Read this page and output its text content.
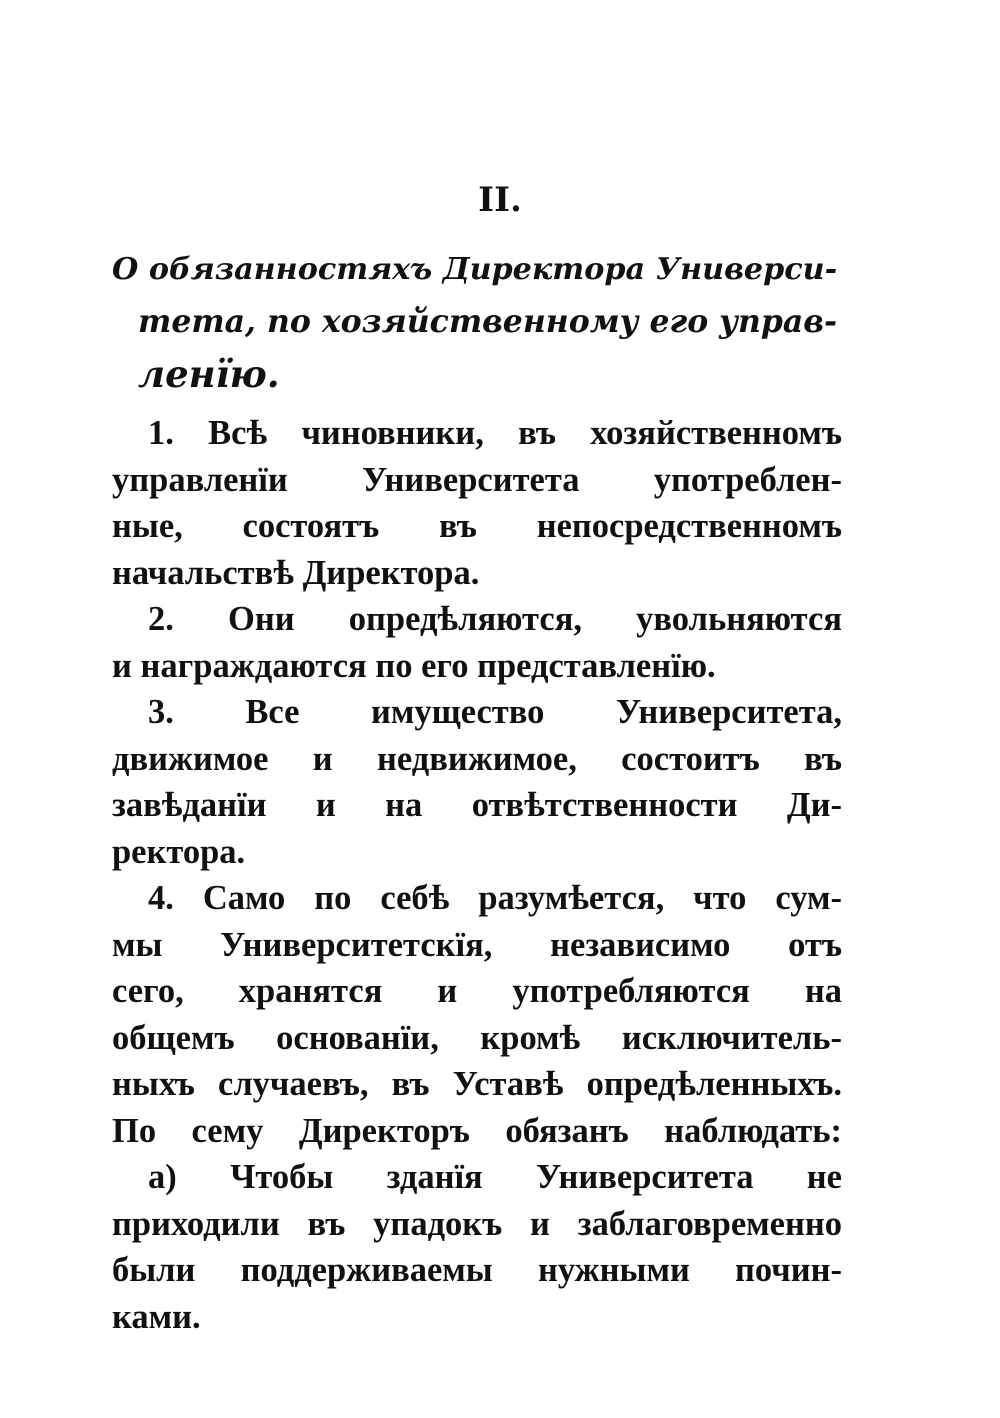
II.
О обязанностяхъ Директора Универси-
тета, по хозяйственному его управ-
ленїю.

1. Всѣ чиновники, въ хозяйственномъ
управленїи Университета употреблен-
ные, состоятъ въ непосредственномъ
начальствѣ Директора.

2. Они опредѣляются, увольняются
и награждаются по его представленїю.

3. Все имущество Университета,
движимое и недвижимое, состоитъ въ
завѣданїи и на отвѣтственности Ди-
ректора.

4. Само по себѣ разумѣется, что сум-
мы Университетскїя, независимо отъ
сего, хранятся и употребляются на
общемъ основанїи, кромѣ исключитель-
ныхъ случаевъ, въ Уставѣ опредѣленныхъ.
По сему Директоръ обязанъ наблюдать:

а) Чтобы зданїя Университета не
приходили въ упадокъ и заблаговременно
были поддерживаемы нужными почин-
ками.
